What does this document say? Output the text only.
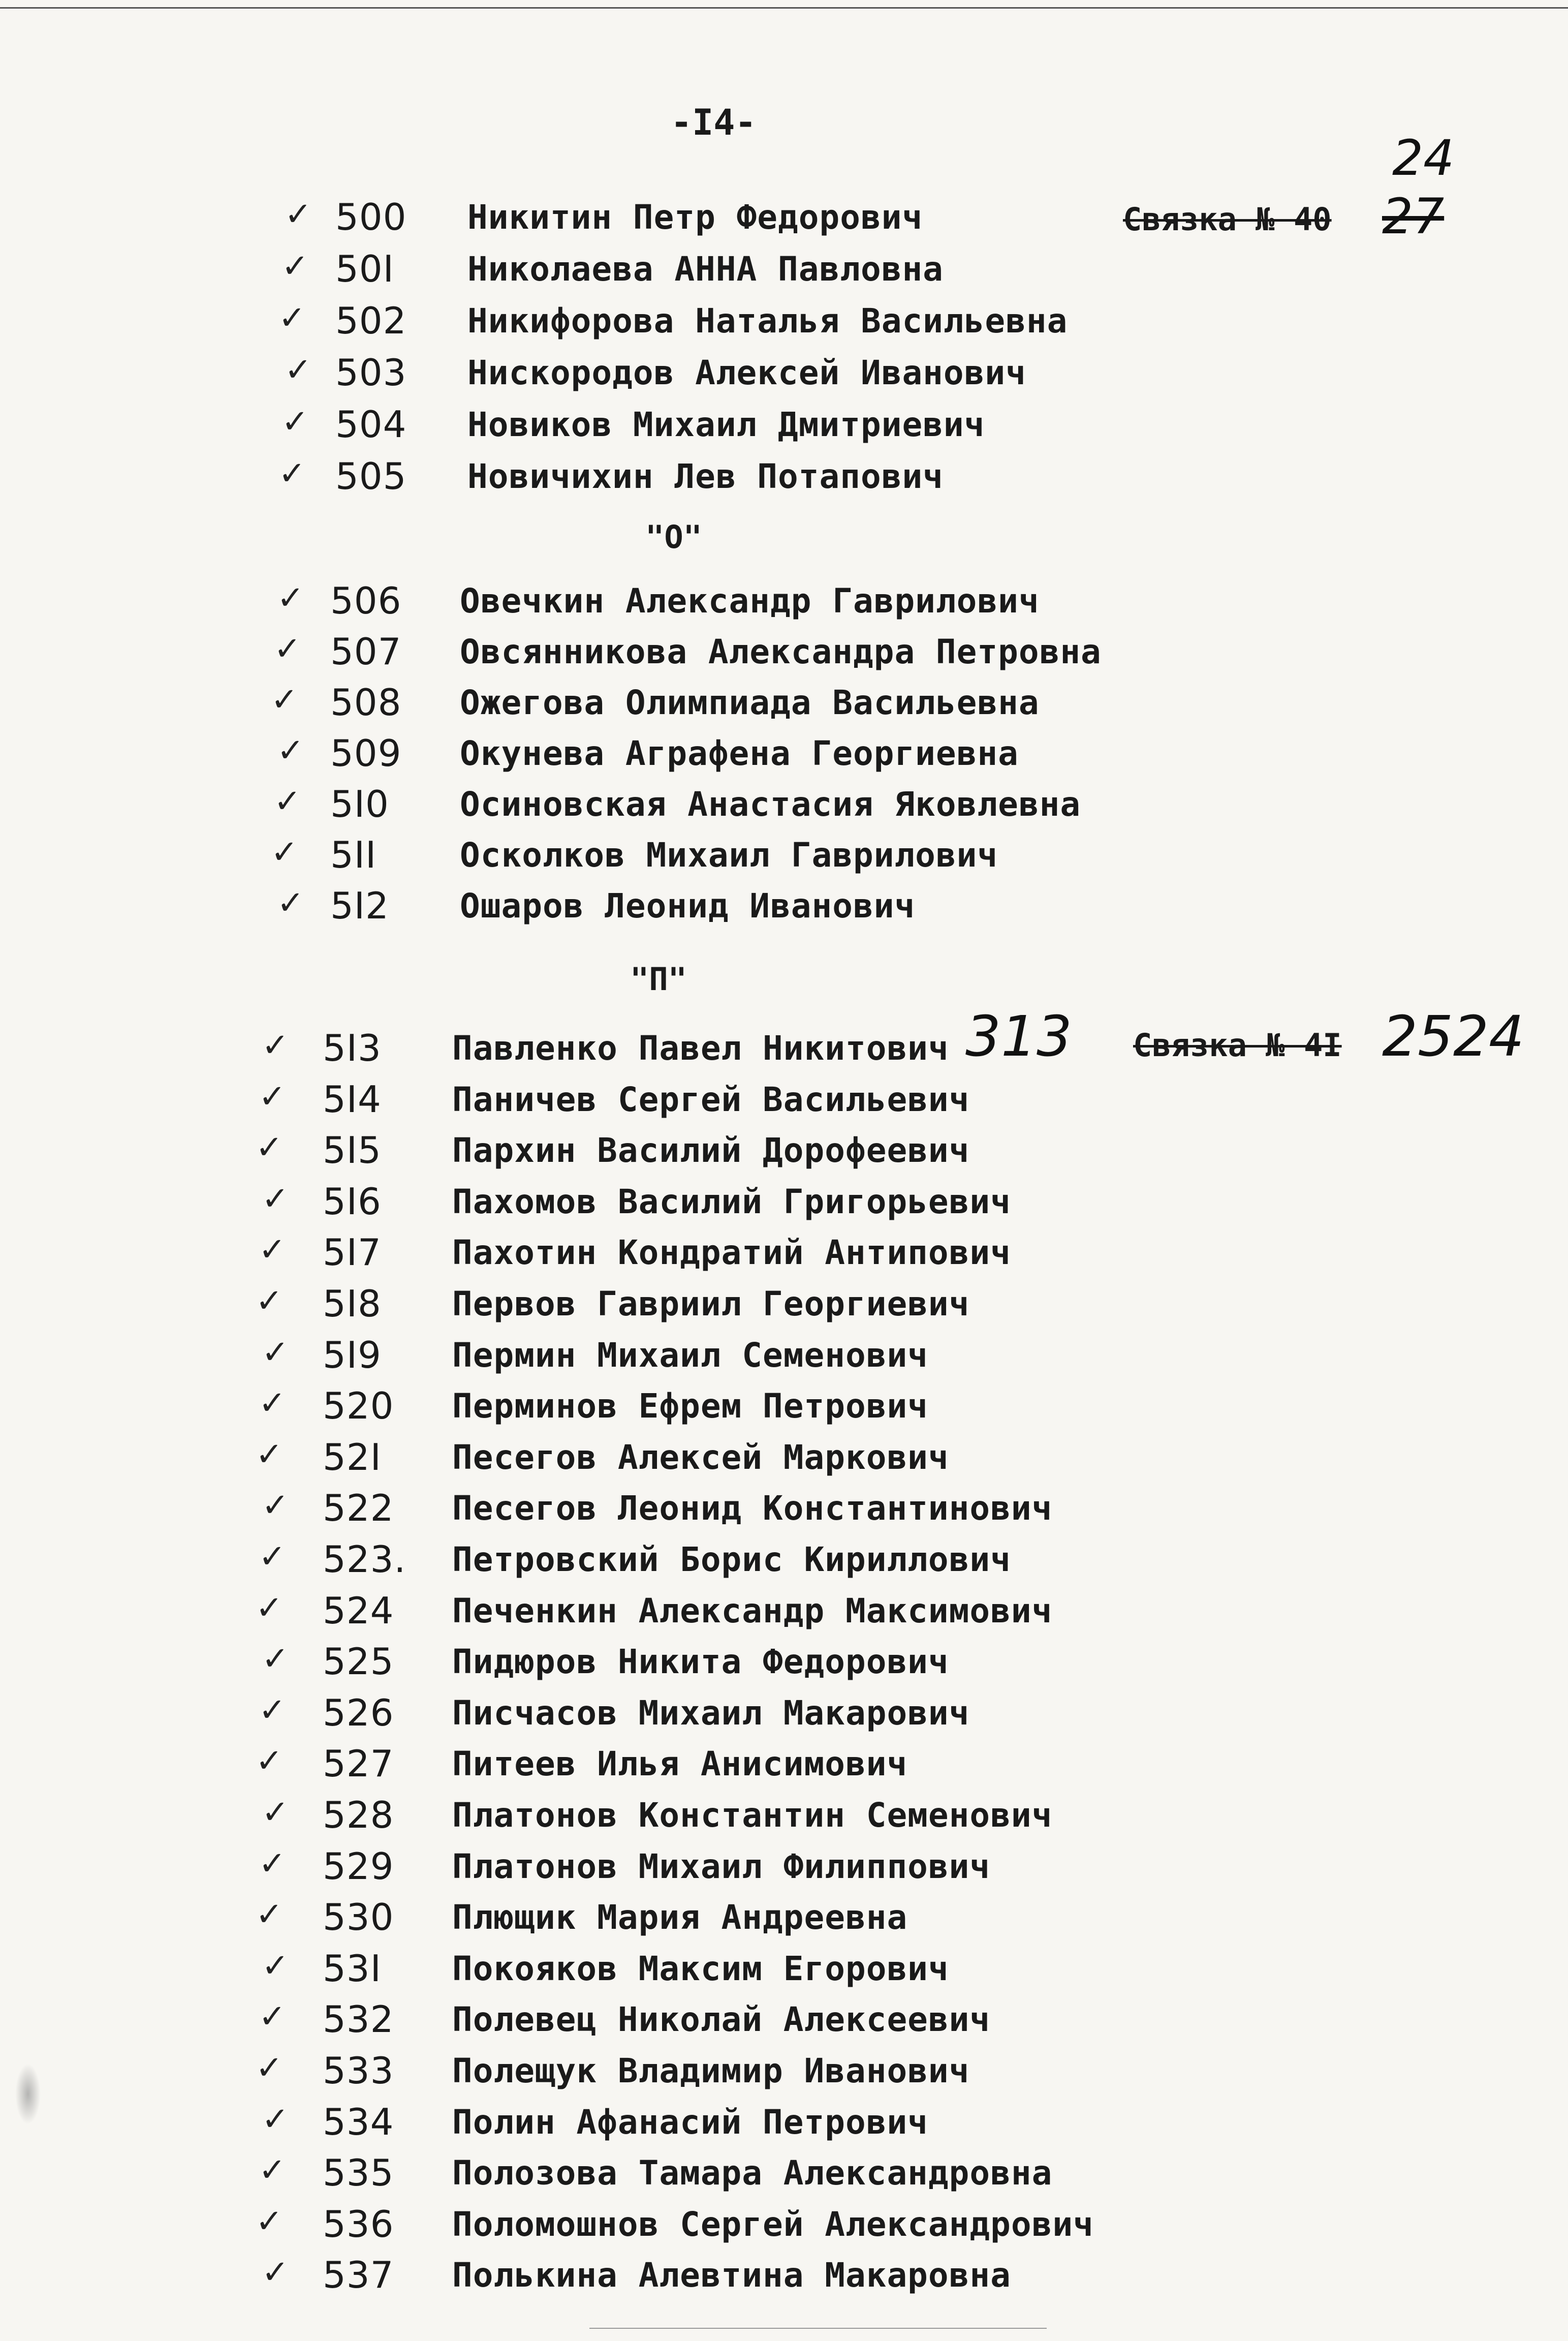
-I4-
24
Связка № 40 27
313 Связка № 4I 2524
✓ 500 Никитин Петр Федорович
✓ 50I Николаева АННА Павловна
✓ 502 Никифорова Наталья Васильевна
✓ 503 Нискородов Алексей Иванович
✓ 504 Новиков Михаил Дмитриевич
✓ 505 Новичихин Лев Потапович
"О"
✓ 506 Овечкин Александр Гаврилович
✓ 507 Овсянникова Александра Петровна
✓ 508 Ожегова Олимпиада Васильевна
✓ 509 Окунева Аграфена Георгиевна
✓ 5I0 Осиновская Анастасия Яковлевна
✓ 5II Осколков Михаил Гаврилович
✓ 5I2 Ошаров Леонид Иванович
"П"
✓ 5I3 Павленко Павел Никитович
✓ 5I4 Паничев Сергей Васильевич
✓ 5I5 Пархин Василий Дорофеевич
✓ 5I6 Пахомов Василий Григорьевич
✓ 5I7 Пахотин Кондратий Антипович
✓ 5I8 Первов Гавриил Георгиевич
✓ 5I9 Пермин Михаил Семенович
✓ 520 Перминов Ефрем Петрович
✓ 52I Песегов Алексей Маркович
✓ 522 Песегов Леонид Константинович
✓ 523. Петровский Борис Кириллович
✓ 524 Печенкин Александр Максимович
✓ 525 Пидюров Никита Федорович
✓ 526 Писчасов Михаил Макарович
✓ 527 Питеев Илья Анисимович
✓ 528 Платонов Константин Семенович
✓ 529 Платонов Михаил Филиппович
✓ 530 Плющик Мария Андреевна
✓ 53I Покояков Максим Егорович
✓ 532 Полевец Николай Алексеевич
✓ 533 Полещук Владимир Иванович
✓ 534 Полин Афанасий Петрович
✓ 535 Полозова Тамара Александровна
✓ 536 Поломошнов Сергей Александрович
✓ 537 Полькина Алевтина Макаровна
